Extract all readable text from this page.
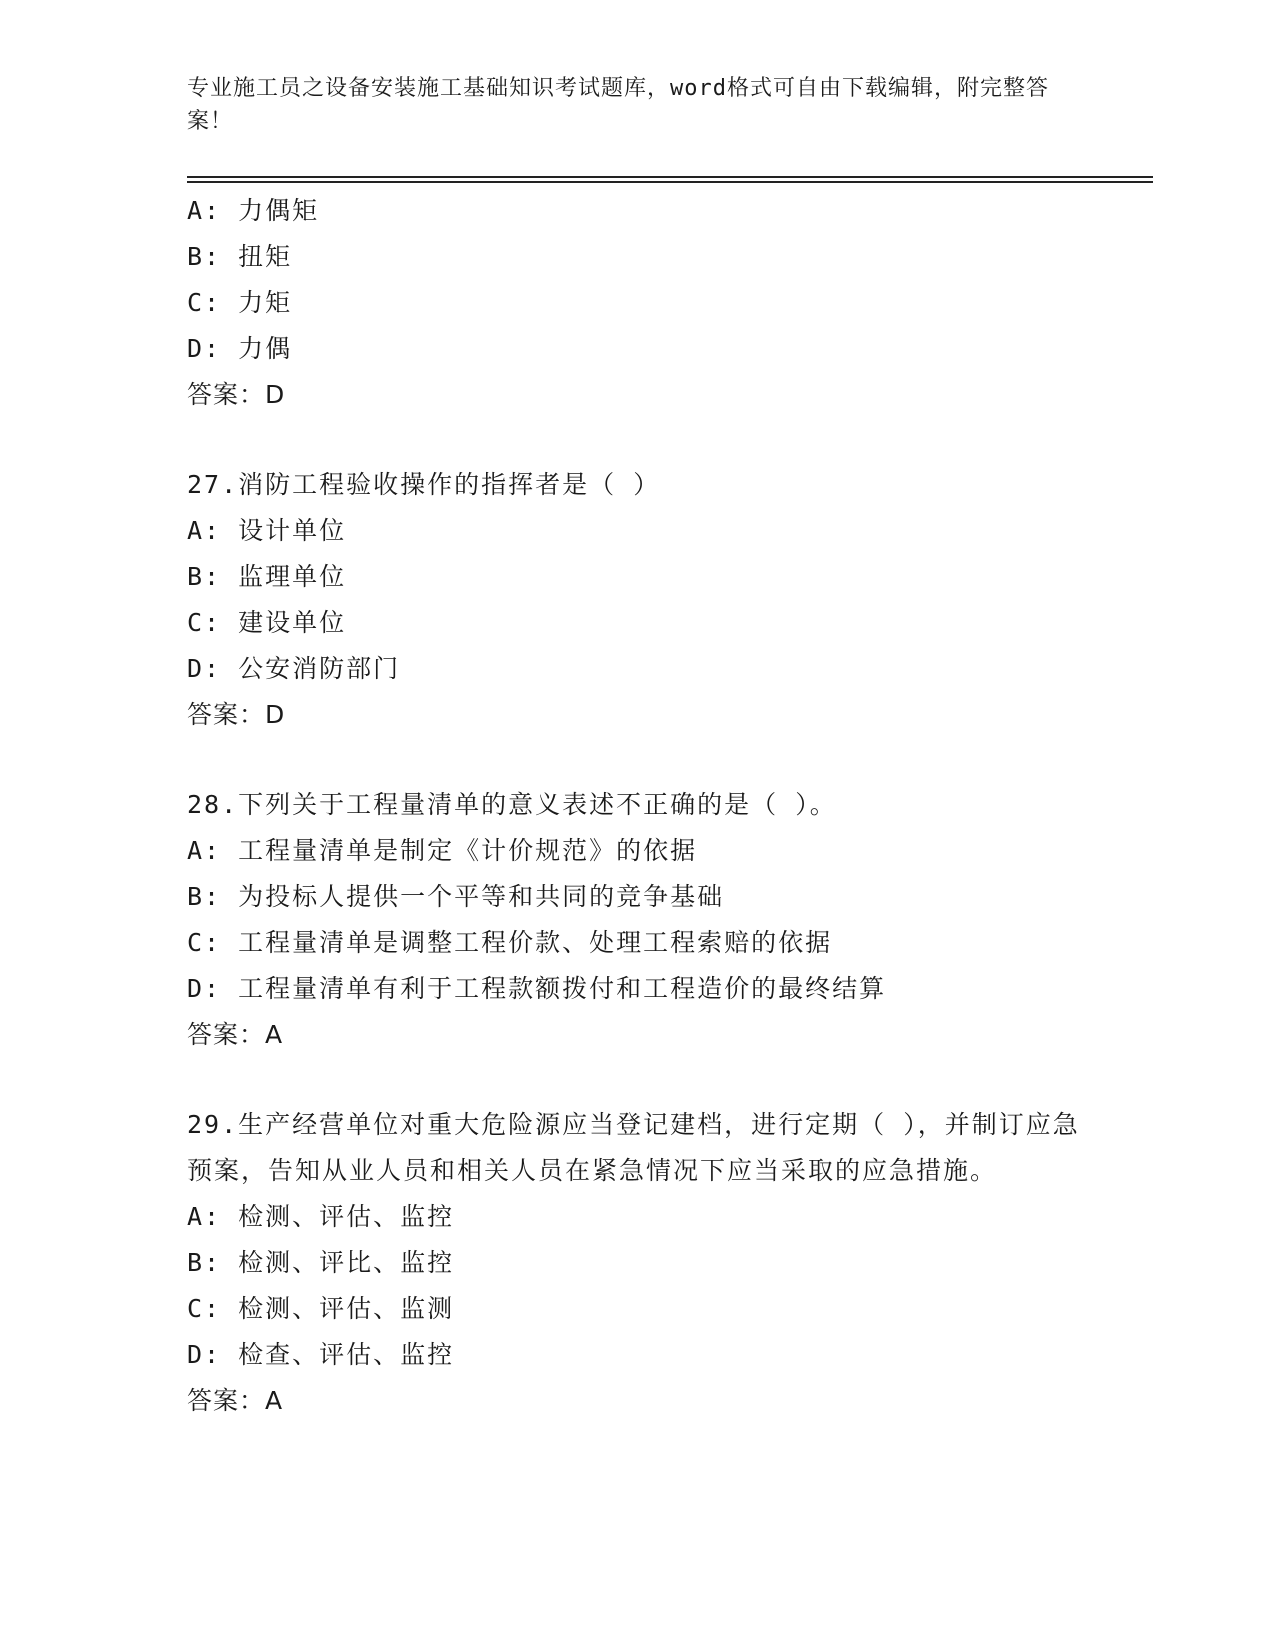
专业施工员之设备安装施工基础知识考试题库，word格式可自由下载编辑，附完整答案！
A: 力偶矩
B: 扭矩
C: 力矩
D: 力偶
答案：D
27.消防工程验收操作的指挥者是（ ）
A: 设计单位
B: 监理单位
C: 建设单位
D: 公安消防部门
答案：D
28.下列关于工程量清单的意义表述不正确的是（ ）。
A: 工程量清单是制定《计价规范》的依据
B: 为投标人提供一个平等和共同的竞争基础
C: 工程量清单是调整工程价款、处理工程索赔的依据
D: 工程量清单有利于工程款额拨付和工程造价的最终结算
答案：A
29.生产经营单位对重大危险源应当登记建档，进行定期（ ），并制订应急预案，告知从业人员和相关人员在紧急情况下应当采取的应急措施。
A: 检测、评估、监控
B: 检测、评比、监控
C: 检测、评估、监测
D: 检查、评估、监控
答案：A
